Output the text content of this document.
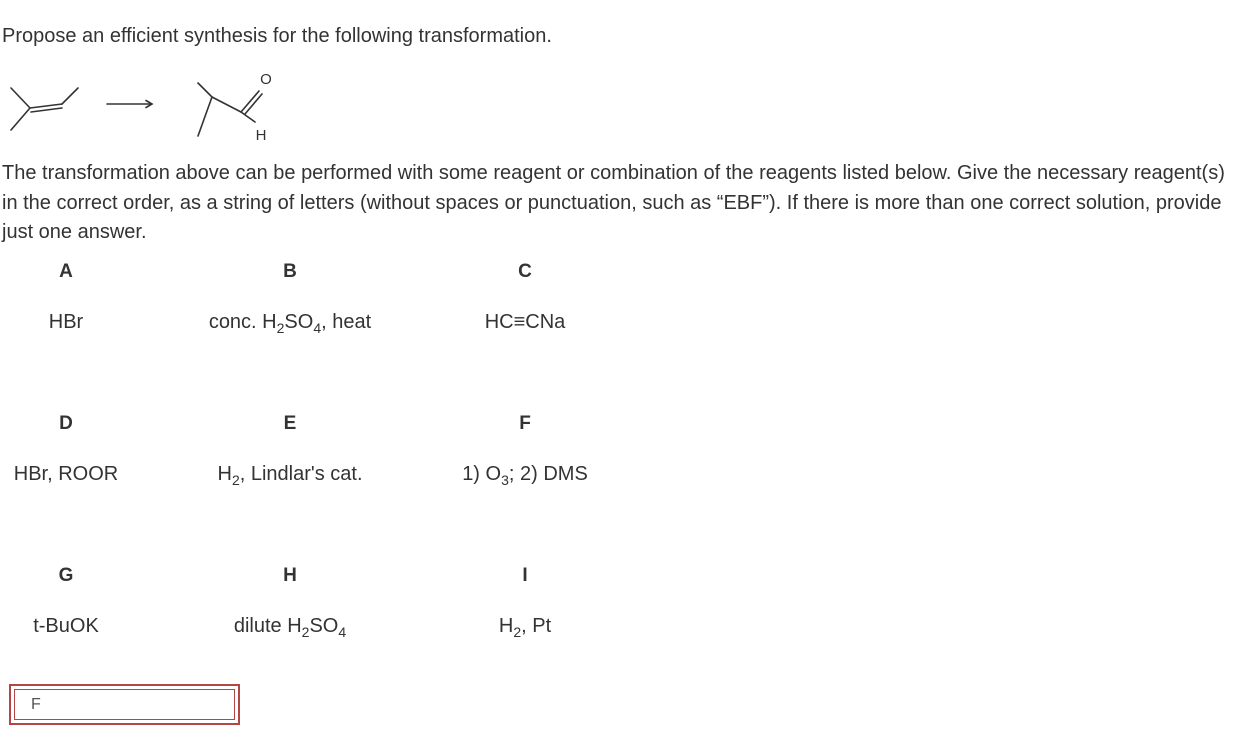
Propose an efficient synthesis for the following transformation.
O
H
The transformation above can be performed with some reagent or combination of the reagents listed below. Give the necessary reagent(s) in the correct order, as a string of letters (without spaces or punctuation, such as “EBF”). If there is more than one correct solution, provide just one answer.
A
HBr
B
conc. $H_2SO_4$, heat
C
HC≡CNa
D
HBr, ROOR
E
$H_2$, Lindlar's cat.
F
1) $O_3$; 2) DMS
G
t-BuOK
H
dilute $H_2SO_4$
I
$H_2$, Pt
F
